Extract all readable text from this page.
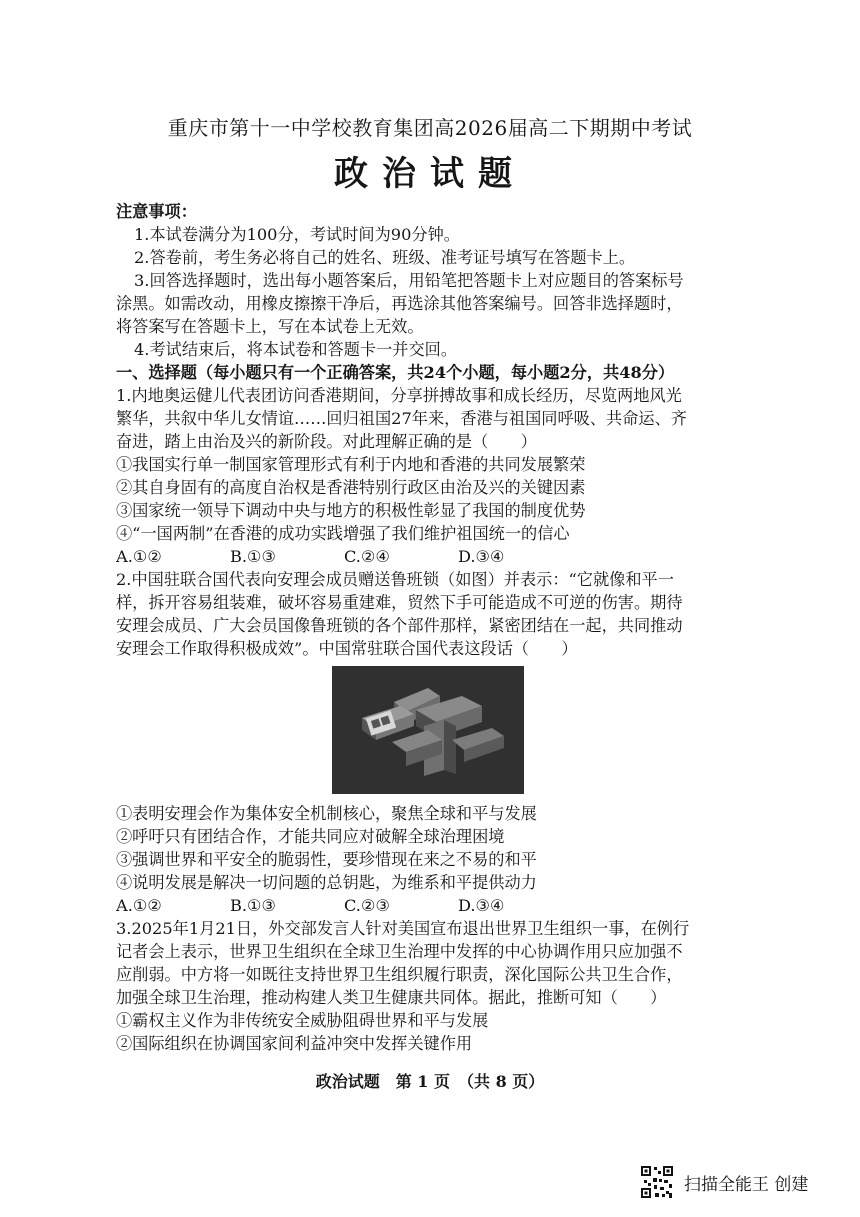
重庆市第十一中学校教育集团高2026届高二下期期中考试
政治试题
注意事项：
1.本试卷满分为100分，考试时间为90分钟。
2.答卷前，考生务必将自己的姓名、班级、准考证号填写在答题卡上。
3.回答选择题时，选出每小题答案后，用铅笔把答题卡上对应题目的答案标号
涂黑。如需改动，用橡皮擦擦干净后，再选涂其他答案编号。回答非选择题时，
将答案写在答题卡上，写在本试卷上无效。
4.考试结束后，将本试卷和答题卡一并交回。
一、选择题（每小题只有一个正确答案，共24个小题，每小题2分，共48分）
1.内地奥运健儿代表团访问香港期间，分享拼搏故事和成长经历，尽览两地风光
繁华，共叙中华儿女情谊……回归祖国27年来，香港与祖国同呼吸、共命运、齐
奋进，踏上由治及兴的新阶段。对此理解正确的是（　　）
①我国实行单一制国家管理形式有利于内地和香港的共同发展繁荣
②其自身固有的高度自治权是香港特别行政区由治及兴的关键因素
③国家统一领导下调动中央与地方的积极性彰显了我国的制度优势
④“一国两制”在香港的成功实践增强了我们维护祖国统一的信心
A.①②	B.①③	C.②④	D.③④
2.中国驻联合国代表向安理会成员赠送鲁班锁（如图）并表示：“它就像和平一
样，拆开容易组装难，破坏容易重建难，贸然下手可能造成不可逆的伤害。期待
安理会成员、广大会员国像鲁班锁的各个部件那样，紧密团结在一起，共同推动
安理会工作取得积极成效”。中国常驻联合国代表这段话（　　）
①表明安理会作为集体安全机制核心，聚焦全球和平与发展
②呼吁只有团结合作，才能共同应对破解全球治理困境
③强调世界和平安全的脆弱性，要珍惜现在来之不易的和平
④说明发展是解决一切问题的总钥匙，为维系和平提供动力
A.①②	B.①③	C.②③	D.③④
3.2025年1月21日，外交部发言人针对美国宣布退出世界卫生组织一事，在例行
记者会上表示，世界卫生组织在全球卫生治理中发挥的中心协调作用只应加强不
应削弱。中方将一如既往支持世界卫生组织履行职责，深化国际公共卫生合作，
加强全球卫生治理，推动构建人类卫生健康共同体。据此，推断可知（　　）
①霸权主义作为非传统安全威胁阻碍世界和平与发展
②国际组织在协调国家间利益冲突中发挥关键作用
政治试题　第 1 页　（共 8 页）
扫描全能王 创建
